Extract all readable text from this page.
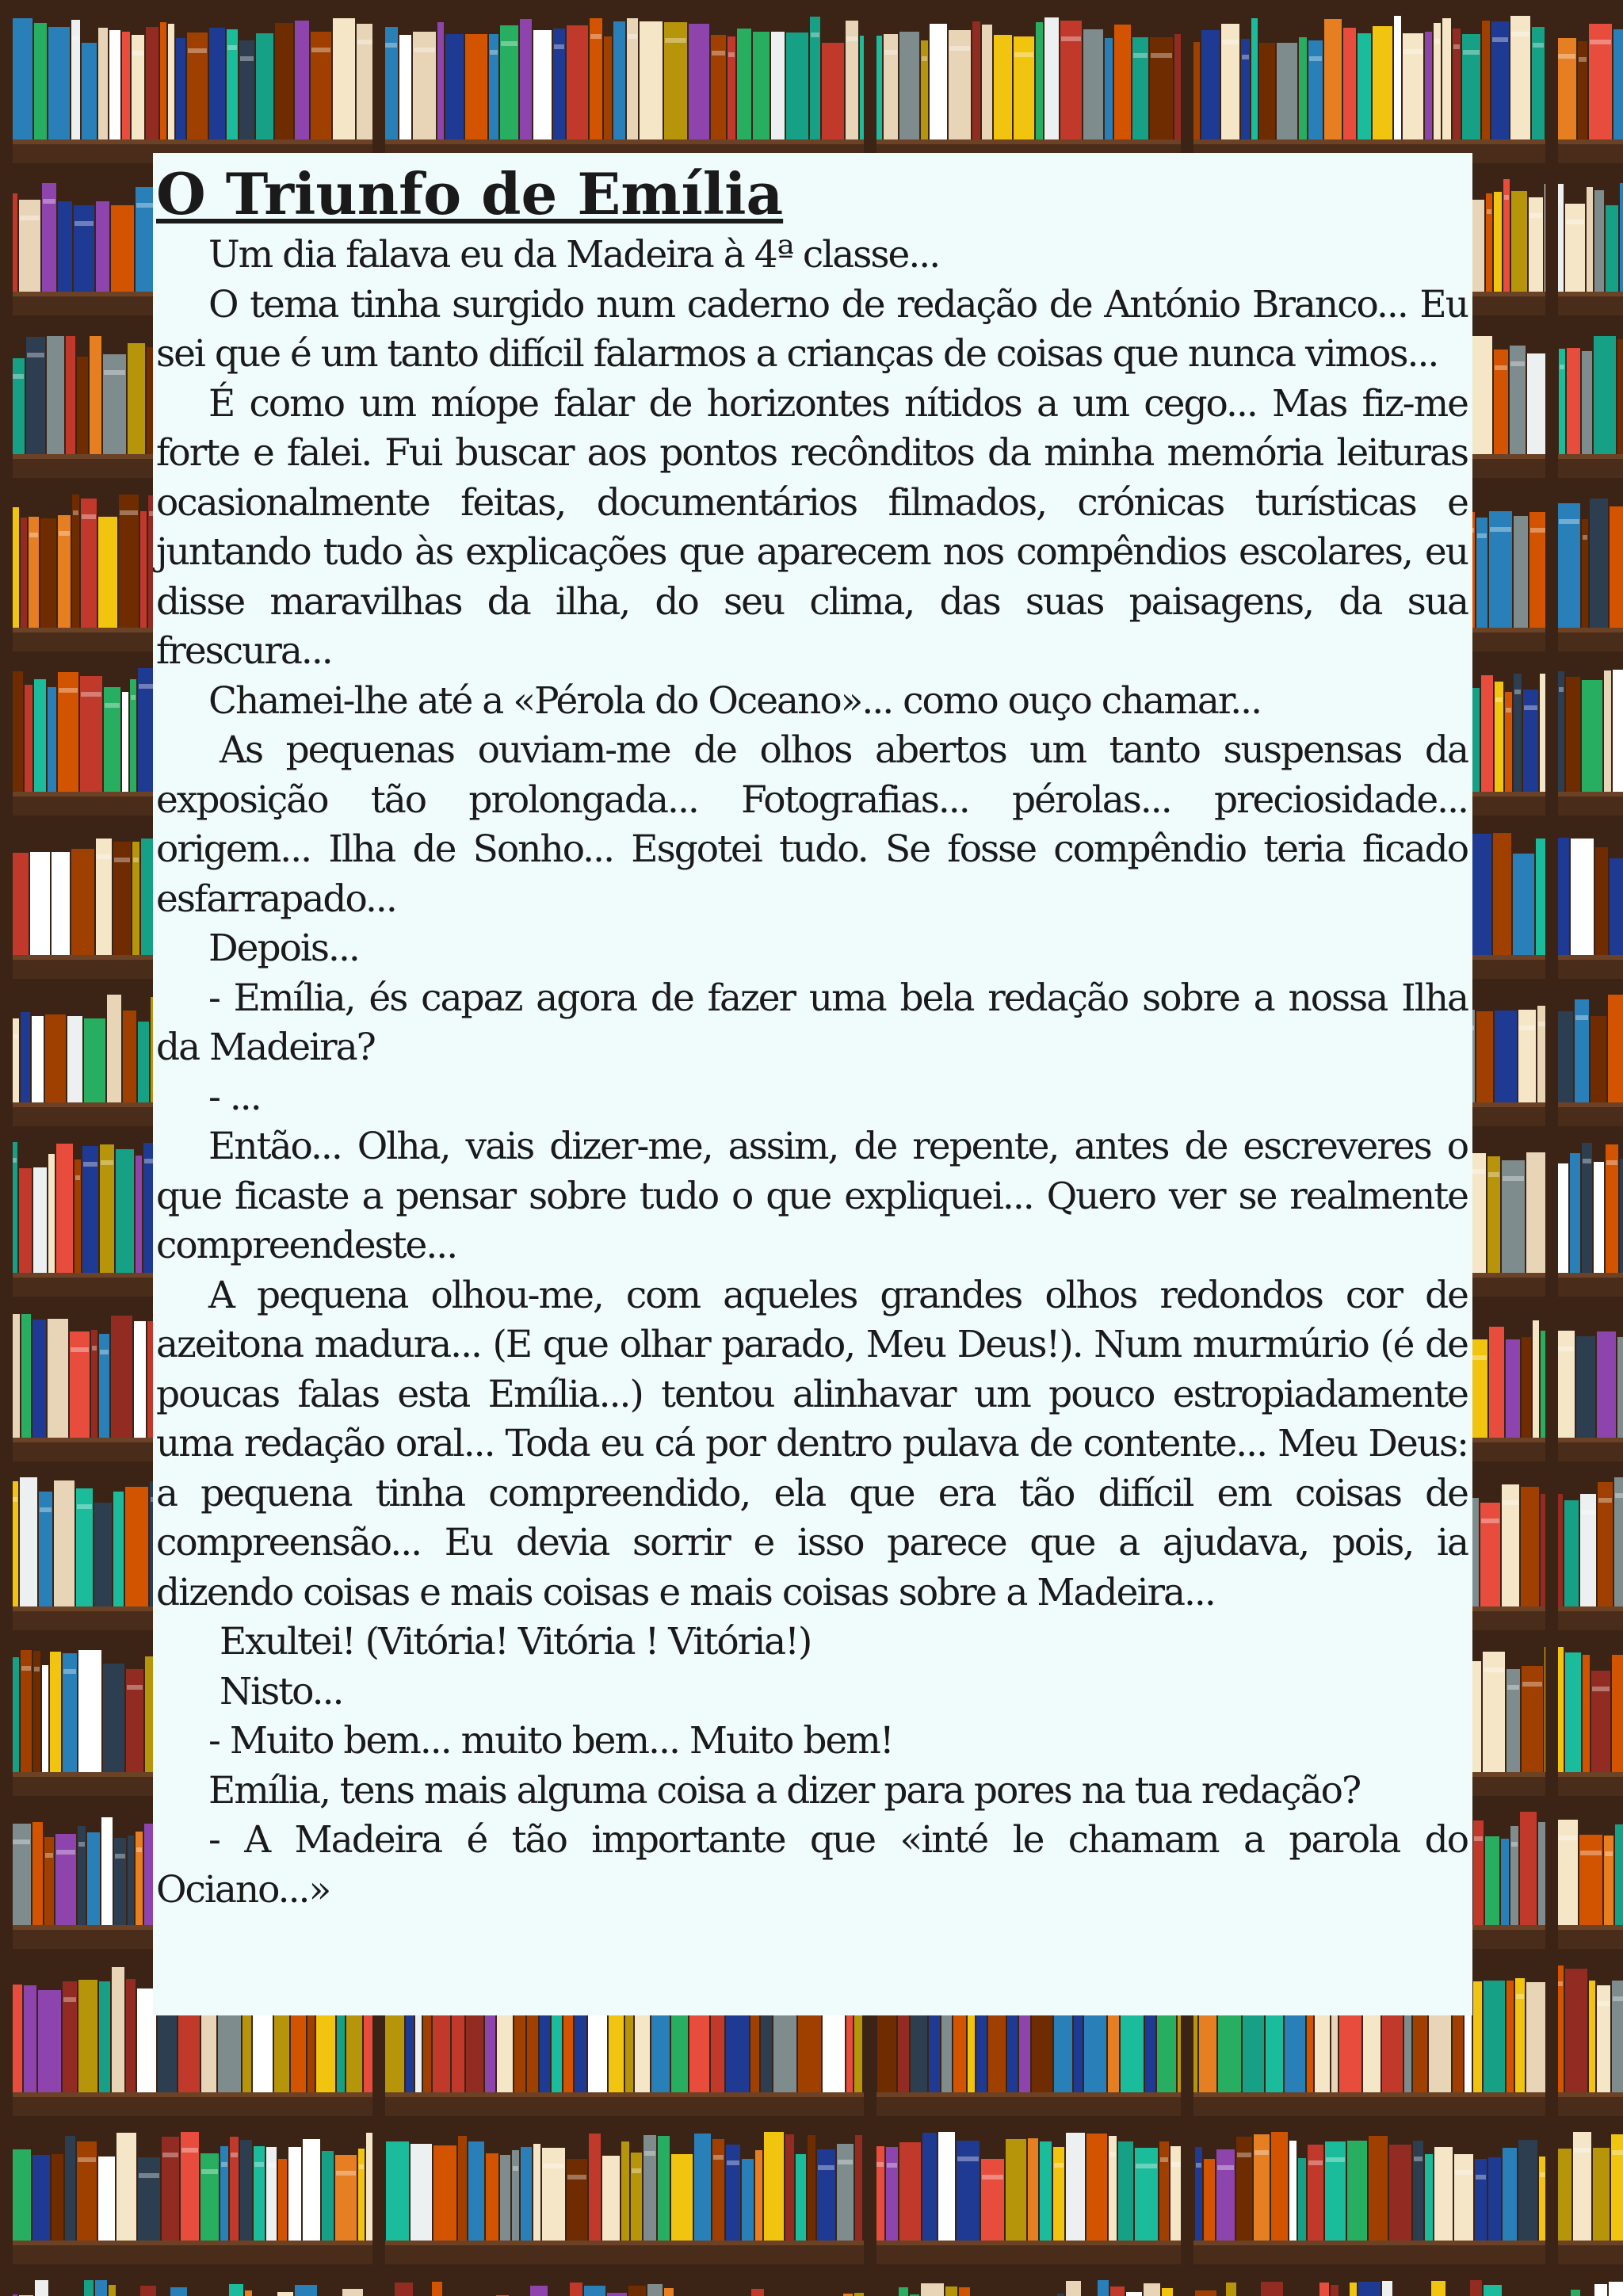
O Triunfo de Emília

Um dia falava eu da Madeira à 4ª classe...

O tema tinha surgido num caderno de redação de António Branco... Eu sei que é um tanto difícil falarmos a crianças de coisas que nunca vimos...

É como um míope falar de horizontes nítidos a um cego... Mas fiz-me forte e falei. Fui buscar aos pontos recônditos da minha memória leituras ocasionalmente feitas, documentários filmados, crónicas turísticas e juntando tudo às explicações que aparecem nos compêndios escolares, eu disse maravilhas da ilha, do seu clima, das suas paisagens, da sua frescura...

Chamei-lhe até a «Pérola do Oceano»... como ouço chamar...

As pequenas ouviam-me de olhos abertos um tanto suspensas da exposição tão prolongada... Fotografias... pérolas... preciosidade... origem... Ilha de Sonho... Esgotei tudo. Se fosse compêndio teria ficado esfarrapado...

Depois...

- Emília, és capaz agora de fazer uma bela redação sobre a nossa Ilha da Madeira?

- ...

Então... Olha, vais dizer-me, assim, de repente, antes de escreveres o que ficaste a pensar sobre tudo o que expliquei... Quero ver se realmente compreendeste...

A pequena olhou-me, com aqueles grandes olhos redondos cor de azeitona madura... (E que olhar parado, Meu Deus!). Num murmúrio (é de poucas falas esta Emília...) tentou alinhavar um pouco estropiadamente uma redação oral... Toda eu cá por dentro pulava de contente... Meu Deus: a pequena tinha compreendido, ela que era tão difícil em coisas de compreensão... Eu devia sorrir e isso parece que a ajudava, pois, ia dizendo coisas e mais coisas e mais coisas sobre a Madeira...

Exultei! (Vitória! Vitória ! Vitória!)

Nisto...

- Muito bem... muito bem... Muito bem!

Emília, tens mais alguma coisa a dizer para pores na tua redação?

- A Madeira é tão importante que «inté le chamam a parola do Ociano...»
